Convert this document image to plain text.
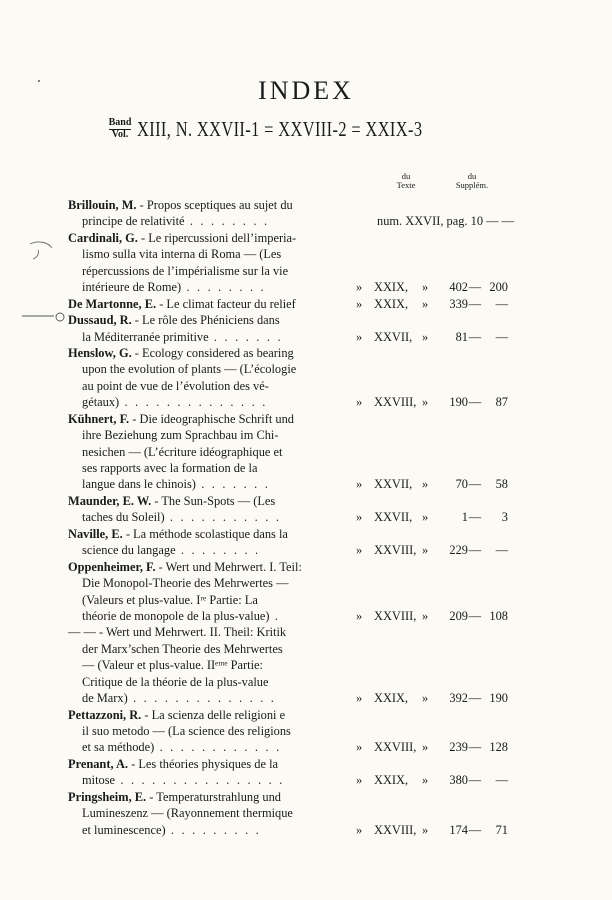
INDEX
Band
Vol. XIII, N. XXVII-1 = XXVIII-2 = XXIX-3
du
Texte
du
Supplém.
Brillouin, M. - Propos sceptiques au sujet du
principe de relativité . . . . . . . .	num. XXVII, pag. 10 — —
Cardinali, G. - Le ripercussioni dell’imperia-
lismo sulla vita interna di Roma — (Les
répercussions de l’impérialisme sur la vie
intérieure de Rome) . . . . . . . .	» XXIX, » 402— 200
De Martonne, E. - Le climat facteur du relief	» XXIX, » 339— —
Dussaud, R. - Le rôle des Phéniciens dans
la Méditerranée primitive . . . . . . .	» XXVII, » 81— —
Henslow, G. - Ecology considered as bearing
upon the evolution of plants — (L’écologie
au point de vue de l’évolution des vé-
gétaux) . . . . . . . . . . . . . .	» XXVIII, » 190— 87
Kühnert, F. - Die ideographische Schrift und
ihre Beziehung zum Sprachbau im Chi-
nesichen — (L’écriture idéographique et
ses rapports avec la formation de la
langue dans le chinois) . . . . . . .	» XXVII, » 70— 58
Maunder, E. W. - The Sun-Spots — (Les
taches du Soleil) . . . . . . . . . . .	» XXVII, »	1— 3
Naville, E. - La méthode scolastique dans la
science du langage . . . . . . . .	» XXVIII, » 229— —
Oppenheimer, F. - Wert und Mehrwert. I. Teil:
Die Monopol-Theorie des Mehrwertes —
(Valeurs et plus-value. Iʳᵉ Partie: La
théorie de monopole de la plus-value) .	» XXVIII, » 209— 108
— — - Wert und Mehrwert. II. Theil: Kritik
der Marx’schen Theorie des Mehrwertes
— (Valeur et plus-value. IIᵉᵐᵉ Partie:
Critique de la théorie de la plus-value
de Marx) . . . . . . . . . . . . . .	» XXIX, » 392— 190
Pettazzoni, R. - La scienza delle religioni e
il suo metodo — (La science des religions
et sa méthode) . . . . . . . . . . . .	» XXVIII, » 239— 128
Prenant, A. - Les théories physiques de la
mitose . . . . . . . . . . . . . . . .	» XXIX, » 380— —
Pringsheim, E. - Temperaturstrahlung und
Lumineszenz — (Rayonnement thermique
et luminescence) . . . . . . . . .	» XXVIII, » 174— 71
